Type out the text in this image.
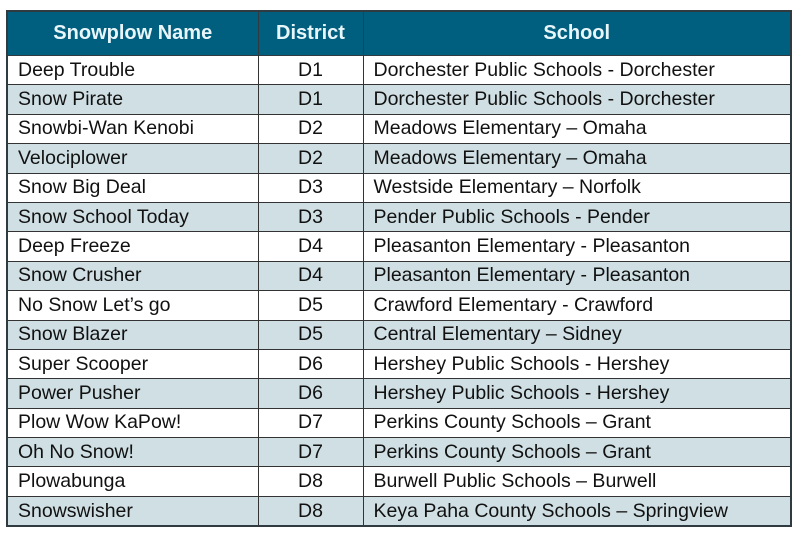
Snowplow Name	District	School
Deep Trouble	D1	Dorchester Public Schools - Dorchester
Snow Pirate	D1	Dorchester Public Schools - Dorchester
Snowbi-Wan Kenobi	D2	Meadows Elementary – Omaha
Velociplower	D2	Meadows Elementary – Omaha
Snow Big Deal	D3	Westside Elementary – Norfolk
Snow School Today	D3	Pender Public Schools - Pender
Deep Freeze	D4	Pleasanton Elementary - Pleasanton
Snow Crusher	D4	Pleasanton Elementary - Pleasanton
No Snow Let’s go	D5	Crawford Elementary - Crawford
Snow Blazer	D5	Central Elementary – Sidney
Super Scooper	D6	Hershey Public Schools - Hershey
Power Pusher	D6	Hershey Public Schools - Hershey
Plow Wow KaPow!	D7	Perkins County Schools – Grant
Oh No Snow!	D7	Perkins County Schools – Grant
Plowabunga	D8	Burwell Public Schools – Burwell
Snowswisher	D8	Keya Paha County Schools – Springview
